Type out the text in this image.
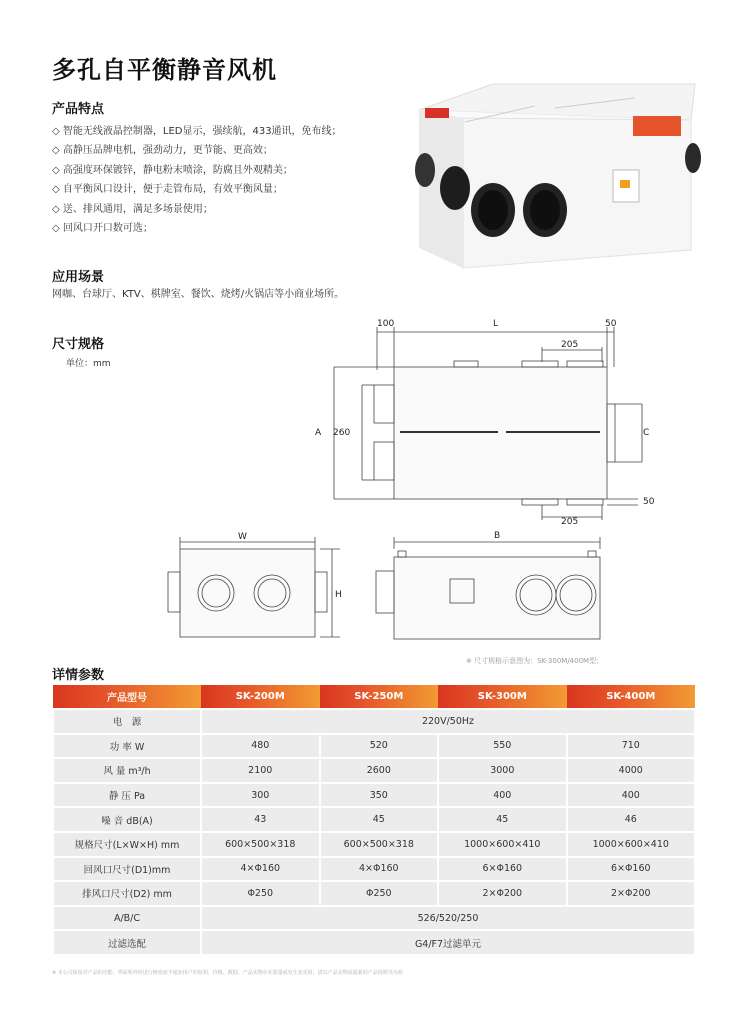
多孔自平衡静音风机
产品特点
◇ 智能无线液晶控制器，LED显示，强续航，433通讯，免布线；
◇ 高静压品牌电机，强劲动力，更节能、更高效；
◇ 高强度环保镀锌，静电粉末喷涂，防腐且外观精美；
◇ 自平衡风口设计，便于走管布局，有效平衡风量；
◇ 送、排风通用，满足多场景使用；
◇ 回风口开口数可选；
应用场景
网咖、台球厅、KTV、棋牌室、餐饮、烧烤/火锅店等小商业场所。
尺寸规格
单位：mm
100	L	50
205
A 260	C
50
205
W
H
B
※ 尺寸规格示意图为：SK-300M/400M型；
详情参数
产品型号	SK-200M	SK-250M	SK-300M	SK-400M
电　源	220V/50Hz			
功 率 W	480	520	550	710
风 量 m³/h	2100	2600	3000	4000
静 压 Pa	300	350	400	400
噪 音 dB(A)	43	45	45	46
规格尺寸(L×W×H) mm	600×500×318	600×500×318	1000×600×410	1000×600×410
回风口尺寸(D1)mm	4×Φ160	4×Φ160	6×Φ160	6×Φ160
排风口尺寸(D2) mm	Φ250	Φ250	2×Φ200	2×Φ200
A/B/C	526/520/250			
过滤选配	G4/F7过滤单元			
※ 本公司保留对产品的功能、界面和外形进行修改而不通知用户的权利，价格、数据、产品实物存在波量或发生变更时，请以产品实物或最新的产品说明书为准
